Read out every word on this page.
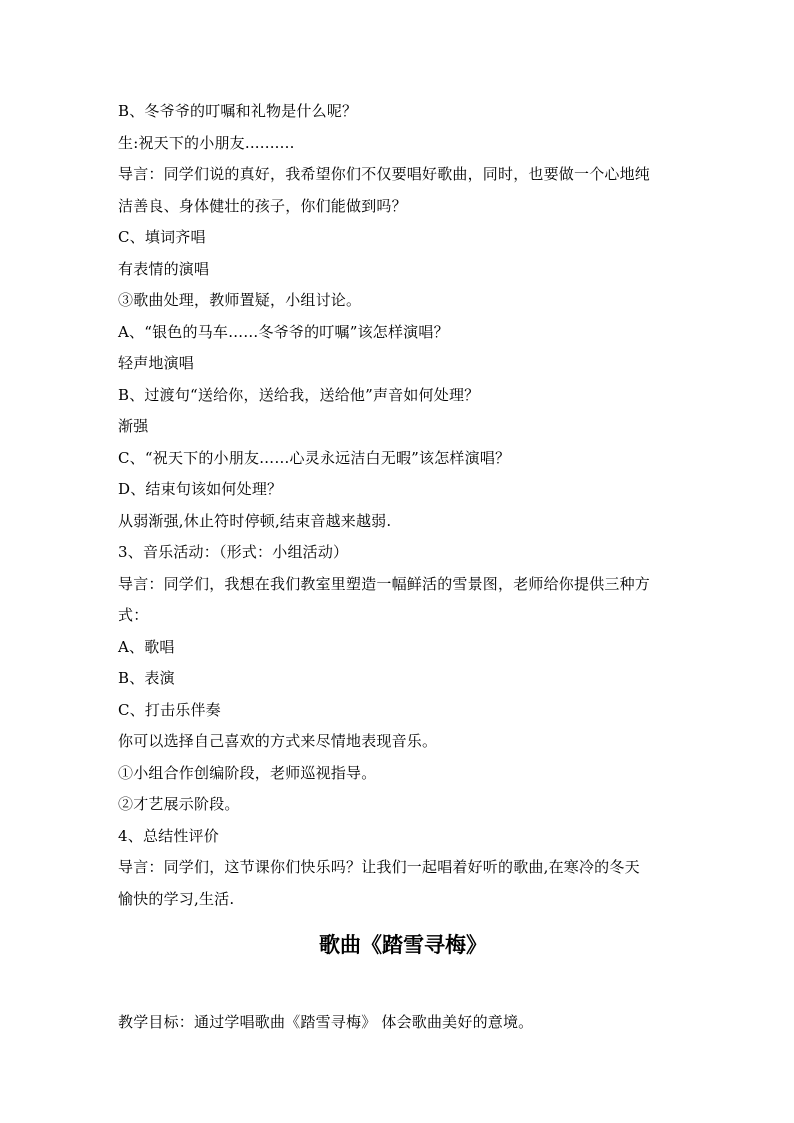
B、冬爷爷的叮嘱和礼物是什么呢？
生:祝天下的小朋友..........
导言：同学们说的真好，我希望你们不仅要唱好歌曲，同时，也要做一个心地纯
洁善良、身体健壮的孩子，你们能做到吗？
C、填词齐唱
有表情的演唱
③歌曲处理，教师置疑，小组讨论。
A、“银色的马车……冬爷爷的叮嘱”该怎样演唱？
轻声地演唱
B、过渡句“送给你，送给我，送给他”声音如何处理？
渐强
C、“祝天下的小朋友……心灵永远洁白无暇”该怎样演唱？
D、结束句该如何处理？
从弱渐强,休止符时停顿,结束音越来越弱.
3、音乐活动：（形式：小组活动）
导言：同学们，我想在我们教室里塑造一幅鲜活的雪景图，老师给你提供三种方
式：
A、歌唱
B、表演
C、打击乐伴奏
你可以选择自己喜欢的方式来尽情地表现音乐。
①小组合作创编阶段，老师巡视指导。
②才艺展示阶段。
4、总结性评价
导言：同学们，这节课你们快乐吗？让我们一起唱着好听的歌曲,在寒冷的冬天
愉快的学习,生活.
歌曲《踏雪寻梅》
教学目标：通过学唱歌曲《踏雪寻梅》 体会歌曲美好的意境。
